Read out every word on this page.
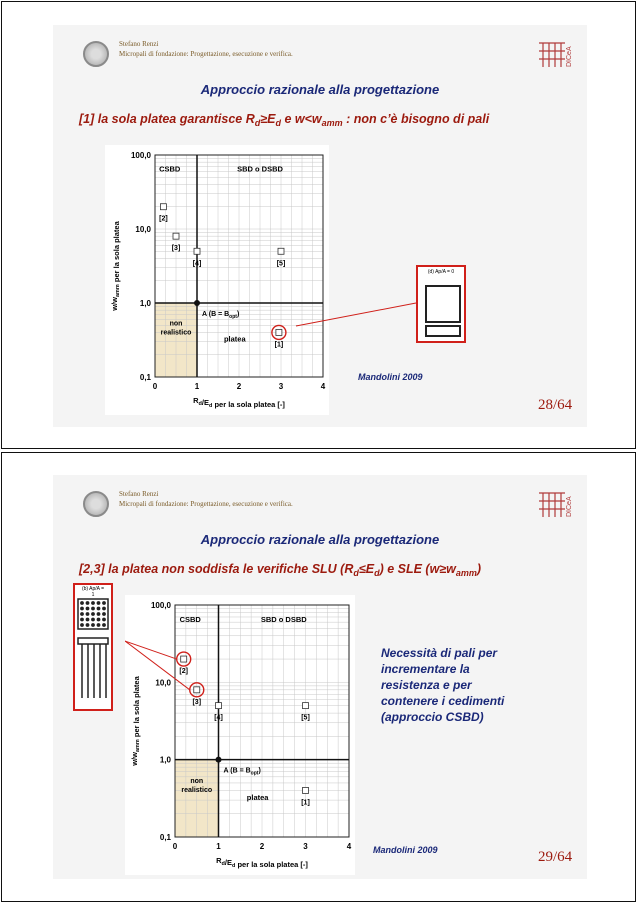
Stefano Renzi
Micropali di fondazione: Progettazione, esecuzione e verifica.	DICeA
Approccio razionale alla progettazione
[1] la sola platea garantisce $R_d\ge E_d$ e $w<w_{amm}$ : non c’è bisogno di pali
0	1	2	3	4
0,1
1,0
10,0
100,0
$R_d/E_d$ per la sola platea [-]
$w/w_{amm}$ per la sola platea
CSBD	SBD o DSBD
non
realistico
platea
A $(B = B_{opt})$
[1]
[2]
[3]
[4]	[5]
(d) Ap/A = 0
Mandolini 2009
28/64
Stefano Renzi
Micropali di fondazione: Progettazione, esecuzione e verifica.	DICeA
Approccio razionale alla progettazione
[2,3] la platea non soddisfa le verifiche SLU $(R_d\le E_d)$ e SLE $(w\ge w_{amm})$
0	1	2	3	4
0,1
1,0
10,0
100,0
$R_d/E_d$ per la sola platea [-]
$w/w_{amm}$ per la sola platea
CSBD	SBD o DSBD
non
realistico
platea
A $(B = B_{opt})$
[1]
[2]
[3]
[4]	[5]
(b) Ap/A = 1
Necessità di pali per
incrementare la
resistenza e per
contenere i cedimenti
(approccio CSBD)
Mandolini 2009	29/64
